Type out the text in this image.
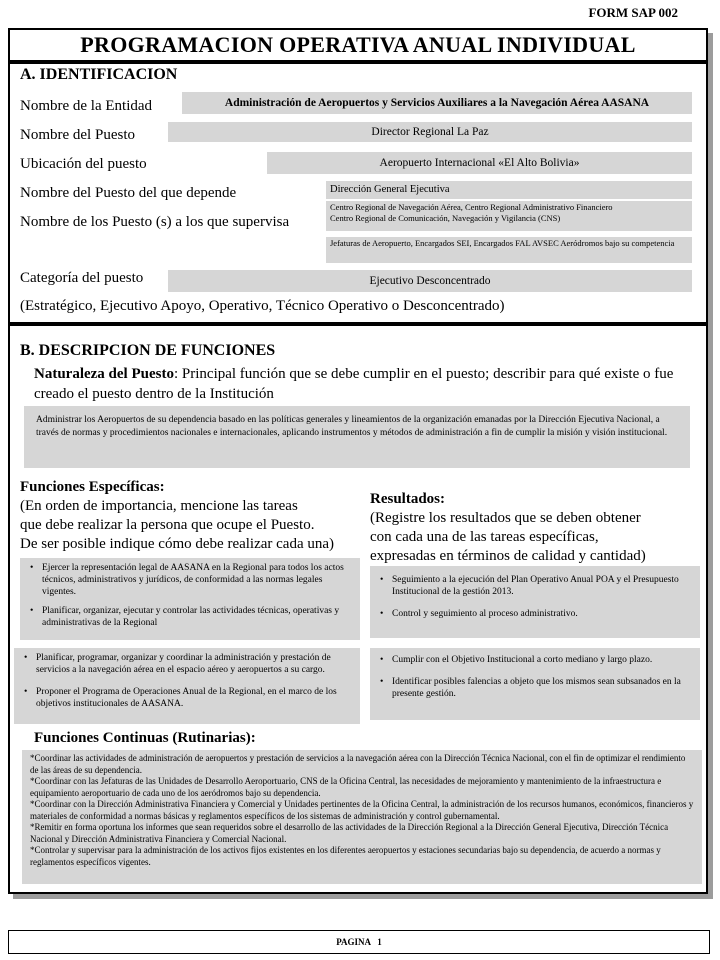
FORM SAP 002
PROGRAMACION OPERATIVA ANUAL INDIVIDUAL
A. IDENTIFICACION
Nombre de la Entidad	Administración de Aeropuertos y Servicios Auxiliares a la Navegación Aérea AASANA
Nombre del Puesto	Director Regional La Paz
Ubicación del puesto	Aeropuerto Internacional «El Alto Bolivia»
Nombre del Puesto del que depende	Dirección General Ejecutiva
Nombre de los Puesto (s) a los que supervisa
Centro Regional de Navegación Aérea, Centro Regional Administrativo Financiero
Centro Regional de Comunicación, Navegación y Vigilancia (CNS)
Jefaturas de Aeropuerto, Encargados SEI, Encargados FAL AVSEC Aeródromos bajo su competencia
Categoría del puesto	Ejecutivo Desconcentrado
(Estratégico, Ejecutivo Apoyo, Operativo, Técnico Operativo o Desconcentrado)
B. DESCRIPCION DE FUNCIONES
Naturaleza del Puesto: Principal función que se debe cumplir en el puesto; describir para qué existe o fue creado el puesto dentro de la Institución
Administrar los Aeropuertos de su dependencia basado en las políticas generales y lineamientos de la organización emanadas por la Dirección Ejecutiva Nacional, a través de normas y procedimientos nacionales e internacionales, aplicando instrumentos y métodos de administración a fin de cumplir la misión y visión institucional.
Funciones Específicas:
(En orden de importancia, mencione las tareas
que debe realizar la persona que ocupe el Puesto.
De ser posible indique cómo debe realizar cada una)
Resultados:
(Registre los resultados que se deben obtener
con cada una de las tareas específicas,
expresadas en términos de calidad y cantidad)
• Ejercer la representación legal de AASANA en la Regional para todos los actos técnicos, administrativos y jurídicos, de conformidad a las normas legales vigentes.
• Planificar, organizar, ejecutar y controlar las actividades técnicas, operativas y administrativas de la Regional
• Seguimiento a la ejecución del Plan Operativo Anual POA y el Presupuesto Institucional de la gestión 2013.
• Control y seguimiento al proceso administrativo.
• Planificar, programar, organizar y coordinar la administración y prestación de servicios a la navegación aérea en el espacio aéreo y aeropuertos a su cargo.
• Proponer el Programa de Operaciones Anual de la Regional, en el marco de los objetivos institucionales de AASANA.
• Cumplir con el Objetivo Institucional a corto mediano y largo plazo.
• Identificar posibles falencias a objeto que los mismos sean subsanados en la presente gestión.
Funciones Continuas (Rutinarias):
*Coordinar las actividades de administración de aeropuertos y prestación de servicios a la navegación aérea con la Dirección Técnica Nacional, con el fin de optimizar el rendimiento de las áreas de su dependencia.
*Coordinar con las Jefaturas de las Unidades de Desarrollo Aeroportuario, CNS de la Oficina Central, las necesidades de mejoramiento y mantenimiento de la infraestructura e equipamiento aeroportuario de cada uno de los aeródromos bajo su dependencia.
*Coordinar con la Dirección Administrativa Financiera y Comercial y Unidades pertinentes de la Oficina Central, la administración de los recursos humanos, económicos, financieros y materiales de conformidad a normas básicas y reglamentos específicos de los sistemas de administración y control gubernamental.
*Remitir en forma oportuna los informes que sean requeridos sobre el desarrollo de las actividades de la Dirección Regional a la Dirección General Ejecutiva, Dirección Técnica Nacional y Dirección Administrativa Financiera y Comercial Nacional.
*Controlar y supervisar para la administración de los activos fijos existentes en los diferentes aeropuertos y estaciones secundarias bajo su dependencia, de acuerdo a normas y reglamentos específicos vigentes.
PAGINA   1
